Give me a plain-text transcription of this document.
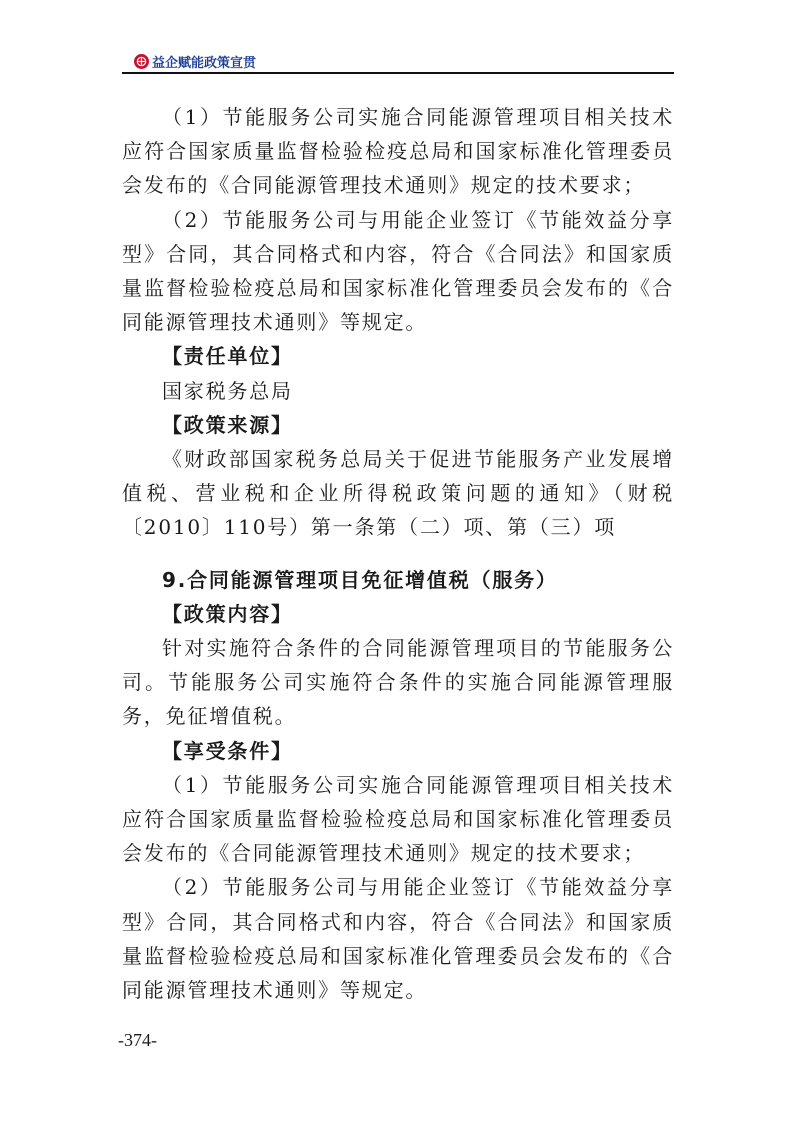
益企赋能 政策宣贯

（1）节能服务公司实施合同能源管理项目相关技术应符合国家质量监督检验检疫总局和国家标准化管理委员会发布的《合同能源管理技术通则》规定的技术要求；

（2）节能服务公司与用能企业签订《节能效益分享型》合同，其合同格式和内容，符合《合同法》和国家质量监督检验检疫总局和国家标准化管理委员会发布的《合同能源管理技术通则》等规定。

【责任单位】

国家税务总局

【政策来源】

《财政部国家税务总局关于促进节能服务产业发展增值税、营业税和企业所得税政策问题的通知》（财税〔2010〕110号）第一条第（二）项、第（三）项

9.合同能源管理项目免征增值税（服务）

【政策内容】

针对实施符合条件的合同能源管理项目的节能服务公司。节能服务公司实施符合条件的实施合同能源管理服务，免征增值税。

【享受条件】

（1）节能服务公司实施合同能源管理项目相关技术应符合国家质量监督检验检疫总局和国家标准化管理委员会发布的《合同能源管理技术通则》规定的技术要求；

（2）节能服务公司与用能企业签订《节能效益分享型》合同，其合同格式和内容，符合《合同法》和国家质量监督检验检疫总局和国家标准化管理委员会发布的《合同能源管理技术通则》等规定。

-374-
